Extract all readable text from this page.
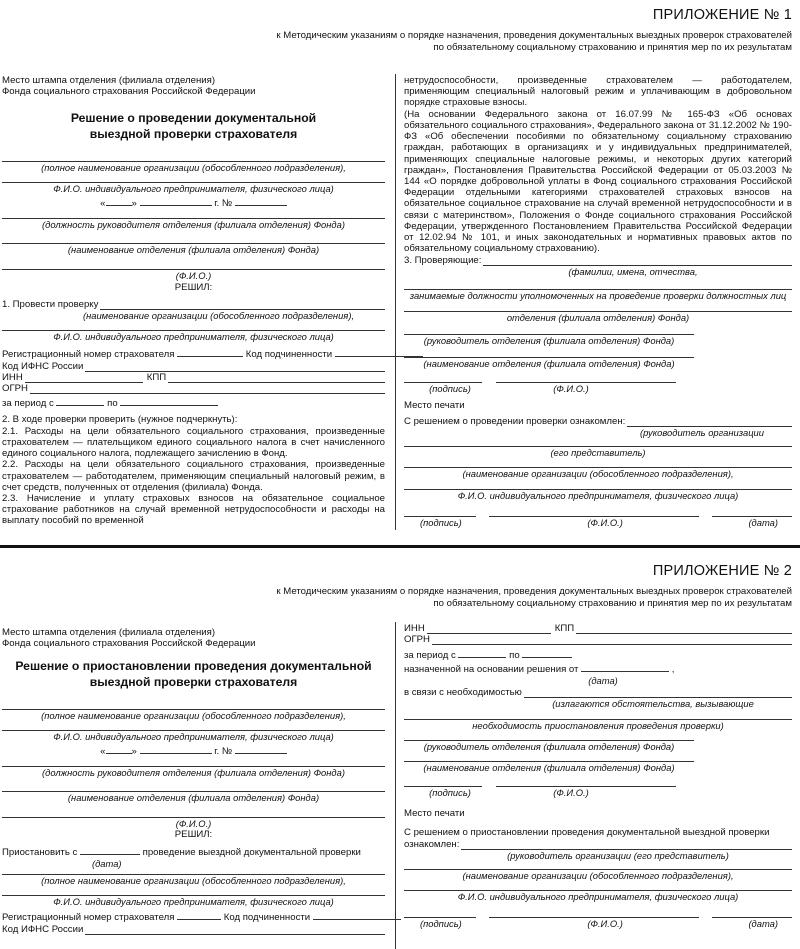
ПРИЛОЖЕНИЕ № 1
к Методическим указаниям о порядке назначения, проведения документальных выездных проверок страхователей
по обязательному социальному страхованию и принятия мер по их результатам
Место штампа отделения (филиала отделения)
Фонда социального страхования Российской Федерации
Решение о проведении документальной
выездной проверки страхователя
(полное наименование организации (обособленного подразделения),
Ф.И.О. индивидуального предпринимателя, физического лица)
«	»	г. №
(должность руководителя отделения (филиала отделения) Фонда)
(наименование отделения (филиала отделения) Фонда)
(Ф.И.О.)
РЕШИЛ:
1. Провести проверку
(наименование организации (обособленного подразделения),
Ф.И.О. индивидуального предпринимателя, физического лица)
Регистрационный номер страхователя	Код подчиненности
Код ИФНС России
ИНН	КПП
ОГРН
за период с	по
2. В ходе проверки проверить (нужное подчеркнуть):
2.1. Расходы на цели обязательного социального страхования, произведенные страхователем — плательщиком единого социального налога в счет начисленного единого социального налога, подлежащего зачислению в Фонд.
2.2. Расходы на цели обязательного социального страхования, произведенные страхователем — работодателем, применяющим специальный налоговый режим, в счет средств, полученных от отделения (филиала) Фонда.
2.3. Начисление и уплату страховых взносов на обязательное социальное страхование работников на случай временной нетрудоспособности и расходы на выплату пособий по временной
нетрудоспособности, произведенные страхователем — работодателем, применяющим специальный налоговый режим и уплачивающим в добровольном порядке страховые взносы.
(На основании Федерального закона от 16.07.99 № 165-ФЗ «Об основах обязательного социального страхования», Федерального закона от 31.12.2002 № 190-ФЗ «Об обеспечении пособиями по обязательному социальному страхованию граждан, работающих в организациях и у индивидуальных предпринимателей, применяющих специальные налоговые режимы, и некоторых других категорий граждан», Постановления Правительства Российской Федерации от 05.03.2003 № 144 «О порядке добровольной уплаты в Фонд социального страхования Российской Федерации отдельными категориями страхователей страховых взносов на обязательное социальное страхование на случай временной нетрудоспособности и в связи с материнством», Положения о Фонде социального страхования Российской Федерации, утвержденного Постановлением Правительства Российской Федерации от 12.02.94 № 101, и иных законодательных и нормативных правовых актов по обязательному социальному страхованию).
3. Проверяющие:
(фамилии, имена, отчества,
занимаемые должности уполномоченных на проведение проверки должностных лиц
отделения (филиала отделения) Фонда)
(руководитель отделения (филиала отделения) Фонда)
(наименование отделения (филиала отделения) Фонда)
(подпись)	(Ф.И.О.)
Место печати
С решением о проведении проверки ознакомлен:
(руководитель организации
(его представитель)
(наименование организации (обособленного подразделения),
Ф.И.О. индивидуального предпринимателя, физического лица)
(подпись)	(Ф.И.О.)	(дата)
ПРИЛОЖЕНИЕ № 2
к Методическим указаниям о порядке назначения, проведения документальных выездных проверок страхователей
по обязательному социальному страхованию и принятия мер по их результатам
Место штампа отделения (филиала отделения)
Фонда социального страхования Российской Федерации
Решение о приостановлении проведения документальной
выездной проверки страхователя
(полное наименование организации (обособленного подразделения),
Ф.И.О. индивидуального предпринимателя, физического лица)
«	»	г. №
(должность руководителя отделения (филиала отделения) Фонда)
(наименование отделения (филиала отделения) Фонда)
(Ф.И.О.)
РЕШИЛ:
Приостановить с	проведение выездной документальной проверки
(дата)
(полное наименование организации (обособленного подразделения),
Ф.И.О. индивидуального предпринимателя, физического лица)
Регистрационный номер страхователя	Код подчиненности
Код ИФНС России
ИНН	КПП
ОГРН
за период с	по
назначенной на основании решения от	,
(дата)
в связи с необходимостью
(излагаются обстоятельства, вызывающие
необходимость приостановления проведения проверки)
(руководитель отделения (филиала отделения) Фонда)
(наименование отделения (филиала отделения) Фонда)
(подпись)	(Ф.И.О.)
Место печати
С решением о приостановлении проведения документальной выездной проверки
ознакомлен:
(руководитель организации (его представитель)
(наименование организации (обособленного подразделения),
Ф.И.О. индивидуального предпринимателя, физического лица)
(подпись)	(Ф.И.О.)	(дата)
